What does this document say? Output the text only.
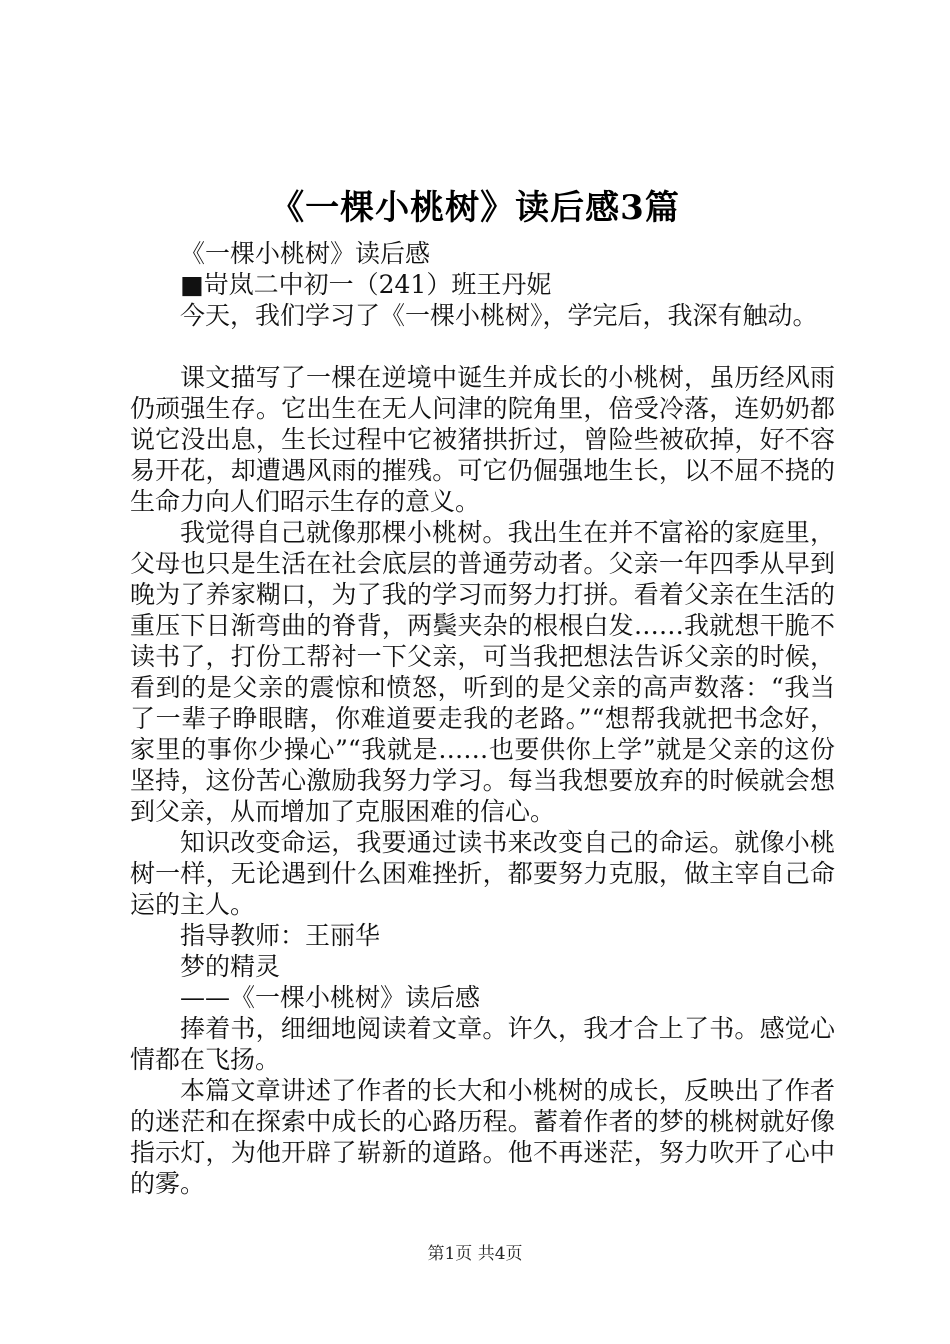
《一棵小桃树》读后感3篇
《一棵小桃树》读后感
■岢岚二中初一（241）班王丹妮
今天，我们学习了《一棵小桃树》，学完后，我深有触动。

课文描写了一棵在逆境中诞生并成长的小桃树，虽历经风雨仍顽强生存。它出生在无人问津的院角里，倍受冷落，连奶奶都说它没出息，生长过程中它被猪拱折过，曾险些被砍掉，好不容易开花，却遭遇风雨的摧残。可它仍倔强地生长，以不屈不挠的生命力向人们昭示生存的意义。

我觉得自己就像那棵小桃树。我出生在并不富裕的家庭里，父母也只是生活在社会底层的普通劳动者。父亲一年四季从早到晚为了养家糊口，为了我的学习而努力打拼。看着父亲在生活的重压下日渐弯曲的脊背，两鬓夹杂的根根白发……我就想干脆不读书了，打份工帮衬一下父亲，可当我把想法告诉父亲的时候，看到的是父亲的震惊和愤怒，听到的是父亲的高声数落：“我当了一辈子睁眼瞎，你难道要走我的老路。”“想帮我就把书念好，家里的事你少操心”“我就是……也要供你上学”就是父亲的这份坚持，这份苦心激励我努力学习。每当我想要放弃的时候就会想到父亲，从而增加了克服困难的信心。

知识改变命运，我要通过读书来改变自己的命运。就像小桃树一样，无论遇到什么困难挫折，都要努力克服，做主宰自己命运的主人。

指导教师：王丽华
梦的精灵
——《一棵小桃树》读后感

捧着书，细细地阅读着文章。许久，我才合上了书。感觉心情都在飞扬。

本篇文章讲述了作者的长大和小桃树的成长，反映出了作者的迷茫和在探索中成长的心路历程。蓄着作者的梦的桃树就好像指示灯，为他开辟了崭新的道路。他不再迷茫，努力吹开了心中的雾。

第1页 共4页
